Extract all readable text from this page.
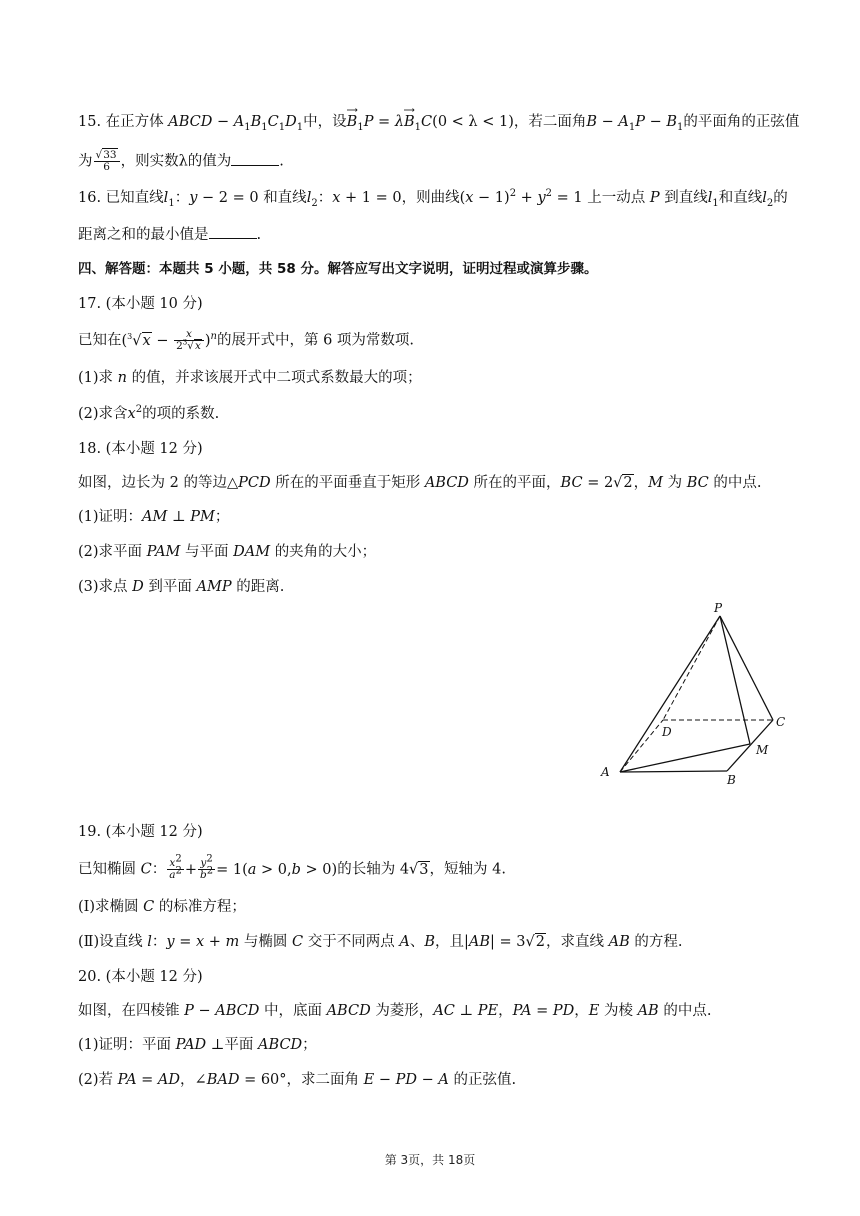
15. 在正方体 ABCD − $A_1B_1C_1D_1$中，设$B_1P$
= $\lambda B_1C$
(0 < λ < 1)，若二面角$B - A_1P - B_1$的平面角的正弦值
为 $\frac{√33}{6}$ ，则实数λ的值为	.
16. 已知直线$l_1$：y − 2 = 0 和直线$l_2$：x + 1 = 0，则曲线$(x - 1)^2 + y^2 = 1$ 上一动点 P 到直线$l_1$和直线$l_2$的
距离之和的最小值是	.
四、解答题：本题共 5 小题，共 58 分。解答应写出文字说明，证明过程或演算步骤。
17. (本小题 10 分)
已知在$(^3√x - \frac{x}{2^3√x} )^n$的展开式中，第 6 项为常数项.
(1)求 n 的值，并求该展开式中二项式系数最大的项；
(2)求含$x^2$的项的系数.
18. (本小题 12 分)
如图，边长为 2 的等边△PCD 所在的平面垂直于矩形 ABCD 所在的平面，BC = 2√2，M 为 BC 的中点.
(1)证明：AM ⊥ PM；
(2)求平面 PAM 与平面 DAM 的夹角的大小；
(3)求点 D 到平面 AMP 的距离.
P
D
C
M
A
B
19. (本小题 12 分)
已知椭圆 C： $\frac{x^2}{a^2} + \frac{y^2}{b^2} = 1(a > 0,b > 0)$的长轴为 4√3，短轴为 4.
(Ⅰ)求椭圆 C 的标准方程；
(Ⅱ)设直线 l：y = x + m 与椭圆 C 交于不同两点 A、B，且|AB| = 3√2，求直线 AB 的方程.
20. (本小题 12 分)
如图，在四棱锥 P − ABCD 中，底面 ABCD 为菱形，AC ⊥ PE，PA = PD，E 为棱 AB 的中点.
(1)证明：平面 PAD ⊥平面 ABCD；
(2)若 PA = AD，∠BAD = 60°，求二面角 E − PD − A 的正弦值.
第 3页，共 18页
